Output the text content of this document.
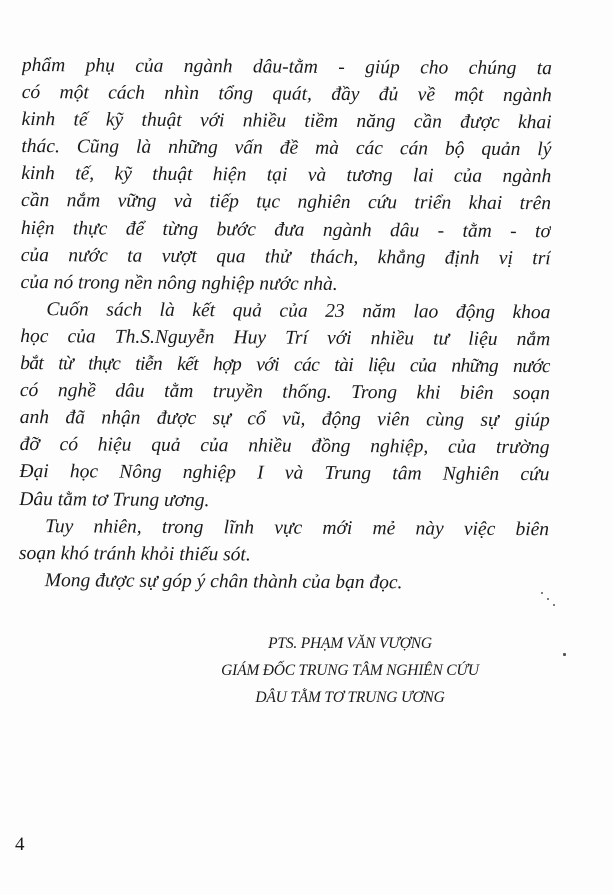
phẩm phụ của ngành dâu-tằm - giúp cho chúng ta
có một cách nhìn tổng quát, đầy đủ về một ngành
kinh tế kỹ thuật với nhiều tiềm năng cần được khai
thác. Cũng là những vấn đề mà các cán bộ quản lý
kinh tế, kỹ thuật hiện tại và tương lai của ngành
cần nắm vững và tiếp tục nghiên cứu triển khai trên
hiện thực để từng bước đưa ngành dâu - tằm - tơ
của nước ta vượt qua thử thách, khẳng định vị trí
của nó trong nền nông nghiệp nước nhà.
Cuốn sách là kết quả của 23 năm lao động khoa
học của Th.S.Nguyễn Huy Trí với nhiều tư liệu nắm
bắt từ thực tiễn kết hợp với các tài liệu của những nước
có nghề dâu tằm truyền thống. Trong khi biên soạn
anh đã nhận được sự cổ vũ, động viên cùng sự giúp
đỡ có hiệu quả của nhiều đồng nghiệp, của trường
Đại học Nông nghiệp I và Trung tâm Nghiên cứu
Dâu tằm tơ Trung ương.
Tuy nhiên, trong lĩnh vực mới mẻ này việc biên
soạn khó tránh khỏi thiếu sót.
Mong được sự góp ý chân thành của bạn đọc.
PTS. PHẠM VĂN VƯỢNG
GIÁM ĐỐC TRUNG TÂM NGHIÊN CỨU
DÂU TẰM TƠ TRUNG ƯƠNG
4
